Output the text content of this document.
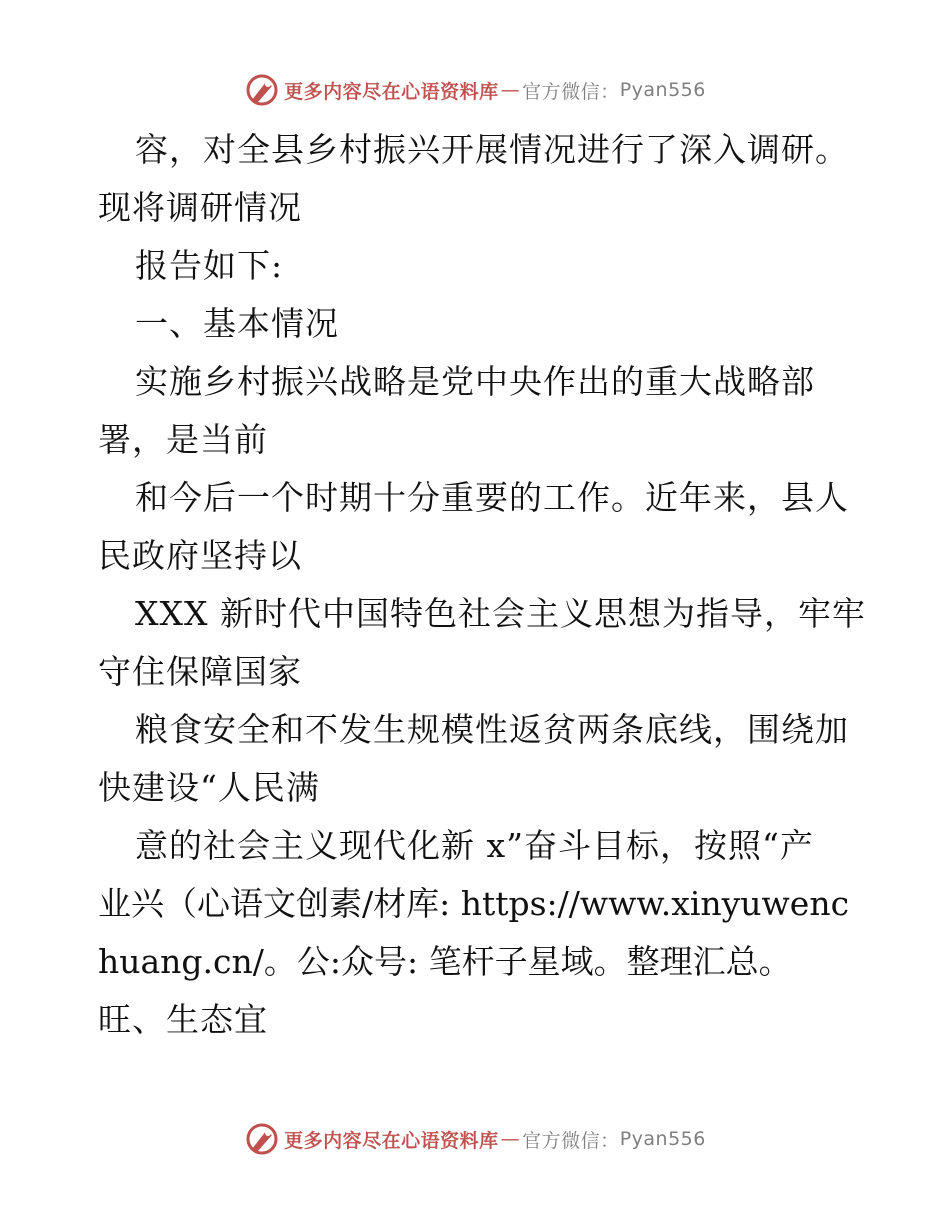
更多内容尽在心语资料库 — 官方微信： Pyan556
容，对全县乡村振兴开展情况进行了深入调研。
现将调研情况
报告如下:
一、基本情况
实施乡村振兴战略是党中央作出的重大战略部
署，是当前
和今后一个时期十分重要的工作。近年来，县人
民政府坚持以
XXX 新时代中国特色社会主义思想为指导，牢牢
守住保障国家
粮食安全和不发生规模性返贫两条底线，围绕加
快建设“人民满
意的社会主义现代化新 x”奋斗目标，按照“产
业兴（心语文创素/材库: https://www.xinyuwenc
huang.cn/。公:众号: 笔杆子星域。整理汇总。
旺、生态宜
更多内容尽在心语资料库 — 官方微信： Pyan556
